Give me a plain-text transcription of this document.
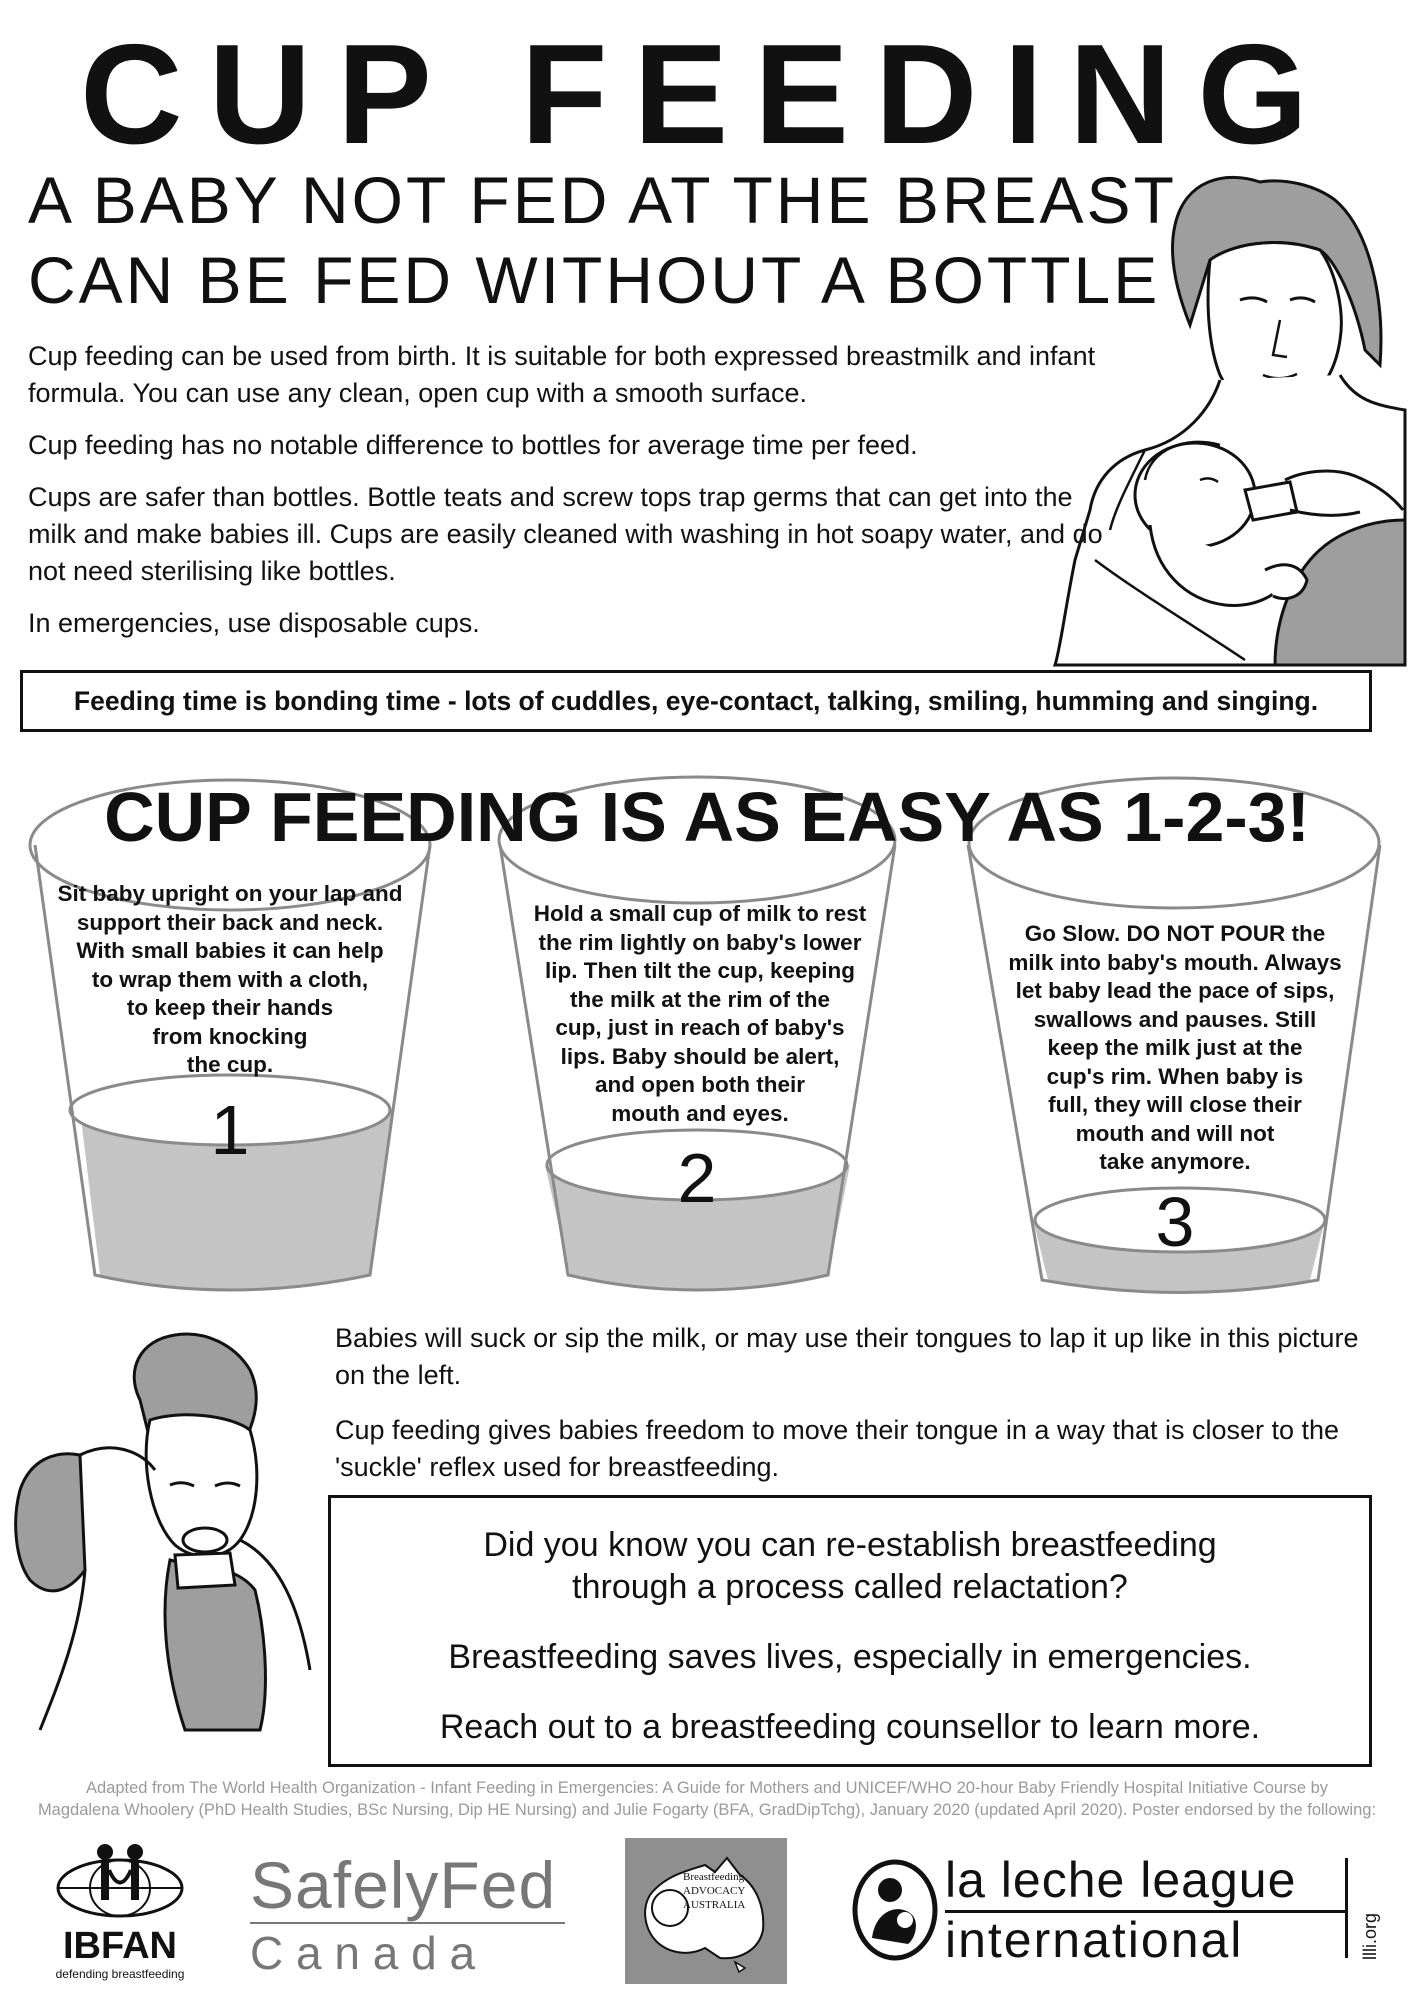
CUP FEEDING
A BABY NOT FED AT THE BREAST
CAN BE FED WITHOUT A BOTTLE

Cup feeding can be used from birth. It is suitable for both expressed breastmilk and infant formula. You can use any clean, open cup with a smooth surface.

Cup feeding has no notable difference to bottles for average time per feed.

Cups are safer than bottles. Bottle teats and screw tops trap germs that can get into the milk and make babies ill. Cups are easily cleaned with washing in hot soapy water, and do not need sterilising like bottles.

In emergencies, use disposable cups.

Feeding time is bonding time - lots of cuddles, eye-contact, talking, smiling, humming and singing.
CUP FEEDING IS AS EASY AS 1-2-3!
Sit baby upright on your lap and
support their back and neck.
With small babies it can help
to wrap them with a cloth,
to keep their hands
from knocking
the cup.
1
Hold a small cup of milk to rest
the rim lightly on baby's lower
lip. Then tilt the cup, keeping
the milk at the rim of the
cup, just in reach of baby's
lips. Baby should be alert,
and open both their
mouth and eyes.
2
Go Slow. DO NOT POUR the
milk into baby's mouth. Always
let baby lead the pace of sips,
swallows and pauses. Still
keep the milk just at the
cup's rim. When baby is
full, they will close their
mouth and will not
take anymore.
3

Babies will suck or sip the milk, or may use their tongues to lap it up like in this picture on the left.

Cup feeding gives babies freedom to move their tongue in a way that is closer to the 'suckle' reflex used for breastfeeding.

Did you know you can re-establish breastfeeding

through a process called relactation?

Breastfeeding saves lives, especially in emergencies.

Reach out to a breastfeeding counsellor to learn more.

Adapted from The World Health Organization - Infant Feeding in Emergencies: A Guide for Mothers and UNICEF/WHO 20-hour Baby Friendly Hospital Initiative Course by
Magdalena Whoolery (PhD Health Studies, BSc Nursing, Dip HE Nursing) and Julie Fogarty (BFA, GradDipTchg), January 2020 (updated April 2020). Poster endorsed by the following:
IBFAN
defending breastfeeding
SafelyFed
C a n a d a
Breastfeeding
ADVOCACY
AUSTRALIA	la leche league
international	llli.org
